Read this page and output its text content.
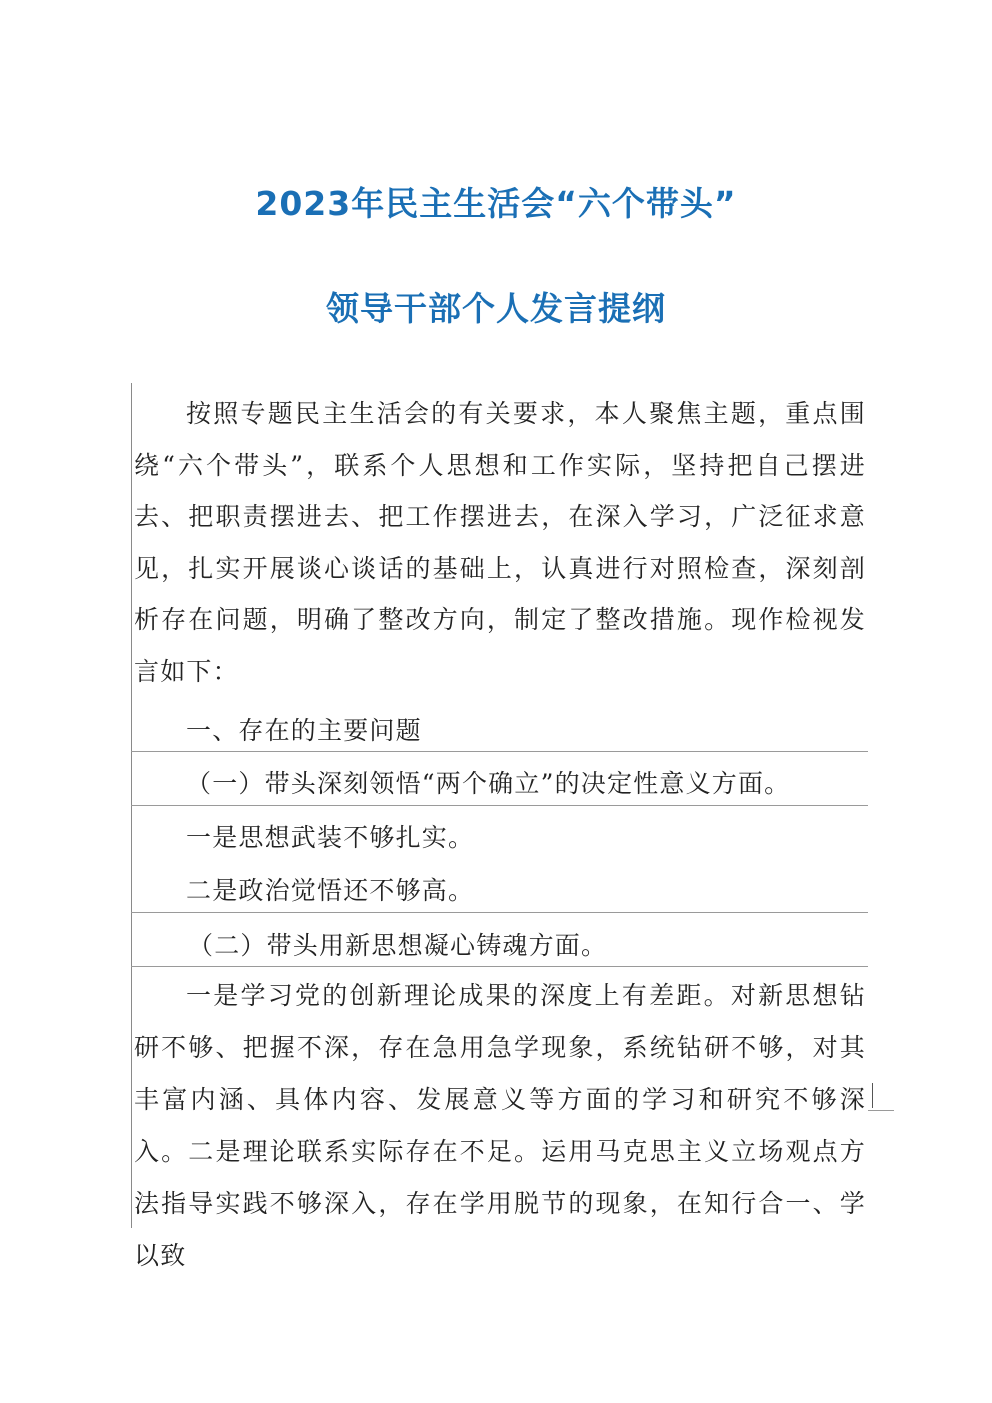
2023年民主生活会“六个带头”
领导干部个人发言提纲

按照专题民主生活会的有关要求，本人聚焦主题，重点围绕“六个带头”，联系个人思想和工作实际，坚持把自己摆进去、把职责摆进去、把工作摆进去，在深入学习，广泛征求意见，扎实开展谈心谈话的基础上，认真进行对照检查，深刻剖析存在问题，明确了整改方向，制定了整改措施。现作检视发言如下：

一、存在的主要问题

（一）带头深刻领悟“两个确立”的决定性意义方面。

一是思想武装不够扎实。

二是政治觉悟还不够高。

（二）带头用新思想凝心铸魂方面。

一是学习党的创新理论成果的深度上有差距。对新思想钻研不够、把握不深，存在急用急学现象，系统钻研不够，对其丰富内涵、具体内容、发展意义等方面的学习和研究不够深入。二是理论联系实际存在不足。运用马克思主义立场观点方法指导实践不够深入，存在学用脱节的现象，在知行合一、学以致
